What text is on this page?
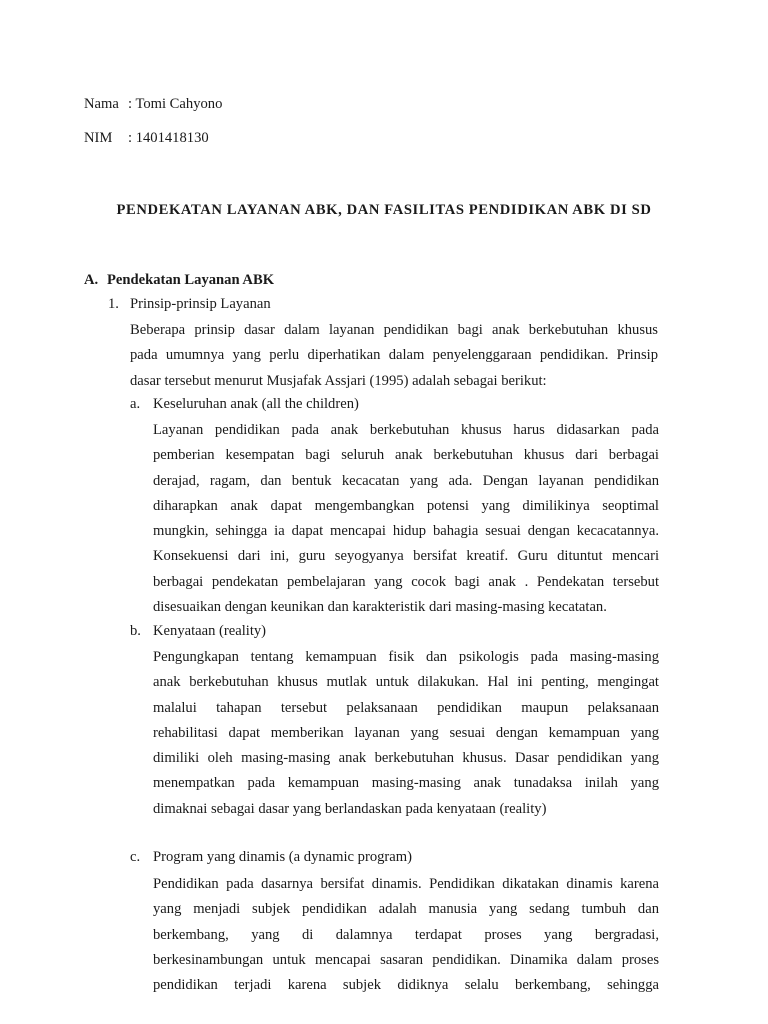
Nama : Tomi Cahyono
NIM : 1401418130
PENDEKATAN LAYANAN ABK, DAN FASILITAS PENDIDIKAN ABK DI SD
A. Pendekatan Layanan ABK
1. Prinsip-prinsip Layanan
Beberapa prinsip dasar dalam layanan pendidikan bagi anak berkebutuhan khusus
pada umumnya yang perlu diperhatikan dalam penyelenggaraan pendidikan. Prinsip
dasar tersebut menurut Musjafak Assjari (1995) adalah sebagai berikut:
a. Keseluruhan anak (all the children)
Layanan pendidikan pada anak berkebutuhan khusus harus didasarkan pada
pemberian kesempatan bagi seluruh anak berkebutuhan khusus dari berbagai
derajad, ragam, dan bentuk kecacatan yang ada. Dengan layanan pendidikan
diharapkan anak dapat mengembangkan potensi yang dimilikinya seoptimal
mungkin, sehingga ia dapat mencapai hidup bahagia sesuai dengan kecacatannya.
Konsekuensi dari ini, guru seyogyanya bersifat kreatif. Guru dituntut mencari
berbagai pendekatan pembelajaran yang cocok bagi anak . Pendekatan tersebut
disesuaikan dengan keunikan dan karakteristik dari masing-masing kecatatan.
b. Kenyataan (reality)
Pengungkapan tentang kemampuan fisik dan psikologis pada masing-masing
anak berkebutuhan khusus mutlak untuk dilakukan. Hal ini penting, mengingat
malalui tahapan tersebut pelaksanaan pendidikan maupun pelaksanaan
rehabilitasi dapat memberikan layanan yang sesuai dengan kemampuan yang
dimiliki oleh masing-masing anak berkebutuhan khusus. Dasar pendidikan yang
menempatkan pada kemampuan masing-masing anak tunadaksa inilah yang
dimaknai sebagai dasar yang berlandaskan pada kenyataan (reality)
c. Program yang dinamis (a dynamic program)
Pendidikan pada dasarnya bersifat dinamis. Pendidikan dikatakan dinamis karena
yang menjadi subjek pendidikan adalah manusia yang sedang tumbuh dan
berkembang, yang di dalamnya terdapat proses yang bergradasi,
berkesinambungan untuk mencapai sasaran pendidikan. Dinamika dalam proses
pendidikan terjadi karena subjek didiknya selalu berkembang, sehingga
